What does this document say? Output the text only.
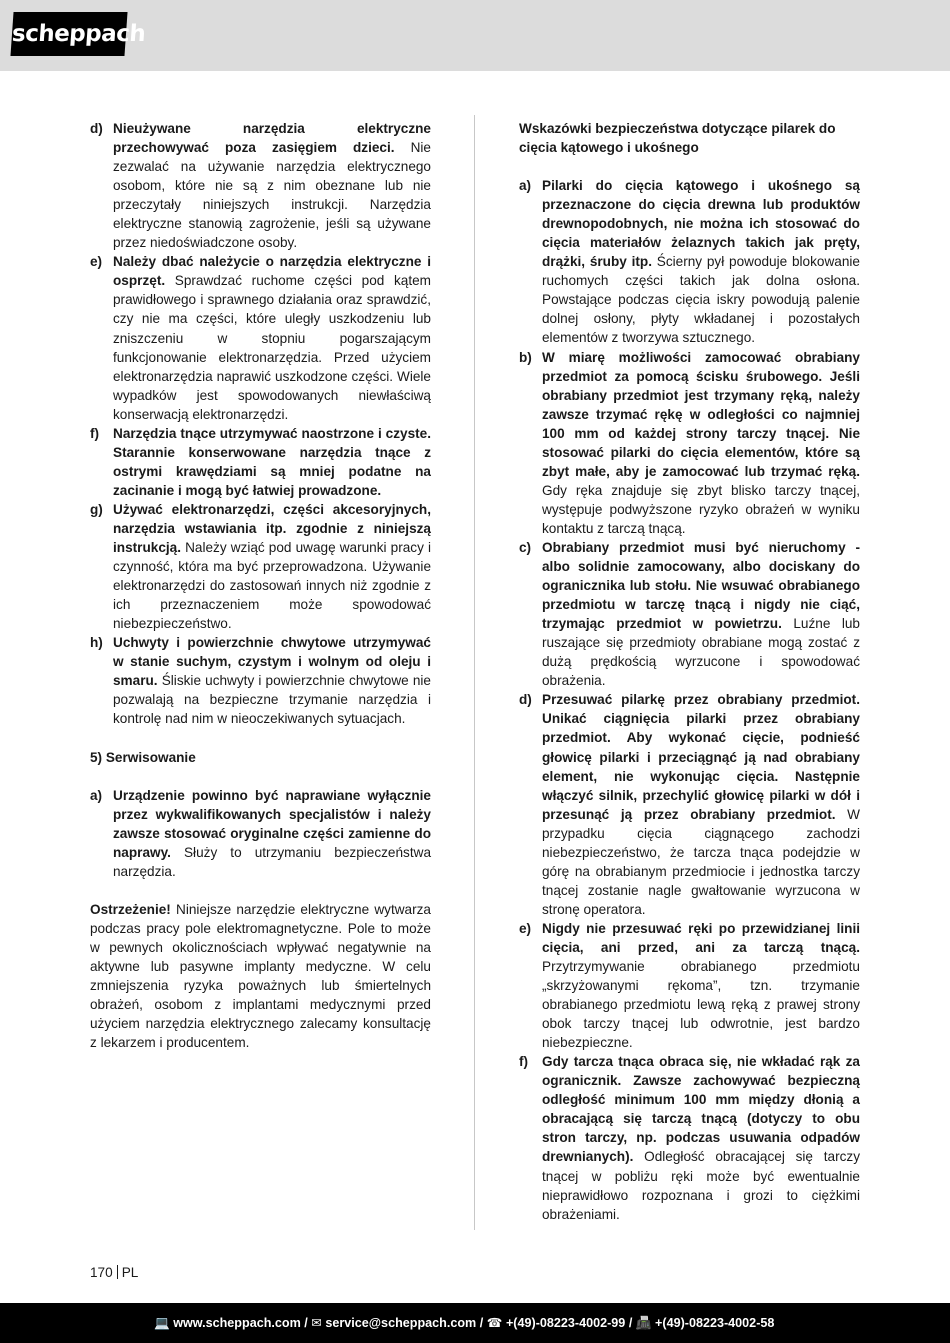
scheppach
d) Nieużywane narzędzia elektryczne przechowywać poza zasięgiem dzieci. Nie zezwalać na używanie narzędzia elektrycznego osobom, które nie są z nim obeznane lub nie przeczytały niniejszych instrukcji. Narzędzia elektryczne stanowią zagrożenie, jeśli są używane przez niedoświadczone osoby.
e) Należy dbać należycie o narzędzia elektryczne i osprzęt. Sprawdzać ruchome części pod kątem prawidłowego i sprawnego działania oraz sprawdzić, czy nie ma części, które uległy uszkodzeniu lub zniszczeniu w stopniu pogarszającym funkcjonowanie elektronarzędzia. Przed użyciem elektronarzędzia naprawić uszkodzone części. Wiele wypadków jest spowodowanych niewłaściwą konserwacją elektronarzędzi.
f)	Narzędzia tnące utrzymywać naostrzone i czyste. Starannie konserwowane narzędzia tnące z ostrymi krawędziami są mniej podatne na zacinanie i mogą być łatwiej prowadzone.
g) Używać elektronarzędzi, części akcesoryjnych, narzędzia wstawiania itp. zgodnie z niniejszą instrukcją. Należy wziąć pod uwagę warunki pracy i czynność, która ma być przeprowadzona. Używanie elektronarzędzi do zastosowań innych niż zgodnie z ich przeznaczeniem może spowodować niebezpieczeństwo.
h) Uchwyty i powierzchnie chwytowe utrzymywać w stanie suchym, czystym i wolnym od oleju i smaru. Śliskie uchwyty i powierzchnie chwytowe nie pozwalają na bezpieczne trzymanie narzędzia i kontrolę nad nim w nieoczekiwanych sytuacjach.
5) Serwisowanie
a) Urządzenie powinno być naprawiane wyłącznie przez wykwalifikowanych specjalistów i należy zawsze stosować oryginalne części zamienne do naprawy. Służy to utrzymaniu bezpieczeństwa narzędzia.
Ostrzeżenie! Niniejsze narzędzie elektryczne wytwarza podczas pracy pole elektromagnetyczne. Pole to może w pewnych okolicznościach wpływać negatywnie na aktywne lub pasywne implanty medyczne. W celu zmniejszenia ryzyka poważnych lub śmiertelnych obrażeń, osobom z implantami medycznymi przed użyciem narzędzia elektrycznego zalecamy konsultację z lekarzem i producentem.
Wskazówki bezpieczeństwa dotyczące pilarek do cięcia kątowego i ukośnego
a) Pilarki do cięcia kątowego i ukośnego są przeznaczone do cięcia drewna lub produktów drewnopodobnych, nie można ich stosować do cięcia materiałów żelaznych takich jak pręty, drążki, śruby itp. Ścierny pył powoduje blokowanie ruchomych części takich jak dolna osłona. Powstające podczas cięcia iskry powodują palenie dolnej osłony, płyty wkładanej i pozostałych elementów z tworzywa sztucznego.
b) W miarę możliwości zamocować obrabiany przedmiot za pomocą ścisku śrubowego. Jeśli obrabiany przedmiot jest trzymany ręką, należy zawsze trzymać rękę w odległości co najmniej 100 mm od każdej strony tarczy tnącej. Nie stosować pilarki do cięcia elementów, które są zbyt małe, aby je zamocować lub trzymać ręką. Gdy ręka znajduje się zbyt blisko tarczy tnącej, występuje podwyższone ryzyko obrażeń w wyniku kontaktu z tarczą tnącą.
c) Obrabiany przedmiot musi być nieruchomy - albo solidnie zamocowany, albo dociskany do ogranicznika lub stołu. Nie wsuwać obrabianego przedmiotu w tarczę tnącą i nigdy nie ciąć, trzymając przedmiot w powietrzu. Luźne lub ruszające się przedmioty obrabiane mogą zostać z dużą prędkością wyrzucone i spowodować obrażenia.
d) Przesuwać pilarkę przez obrabiany przedmiot. Unikać ciągnięcia pilarki przez obrabiany przedmiot. Aby wykonać cięcie, podnieść głowicę pilarki i przeciągnąć ją nad obrabiany element, nie wykonując cięcia. Następnie włączyć silnik, przechylić głowicę pilarki w dół i przesunąć ją przez obrabiany przedmiot. W przypadku cięcia ciągnącego zachodzi niebezpieczeństwo, że tarcza tnąca podejdzie w górę na obrabianym przedmiocie i jednostka tarczy tnącej zostanie nagle gwałtowanie wyrzucona w stronę operatora.
e) Nigdy nie przesuwać ręki po przewidzianej linii cięcia, ani przed, ani za tarczą tnącą. Przytrzymywanie obrabianego przedmiotu „skrzyżowanymi rękoma”, tzn. trzymanie obrabianego przedmiotu lewą ręką z prawej strony obok tarczy tnącej lub odwrotnie, jest bardzo niebezpieczne.
f)	Gdy tarcza tnąca obraca się, nie wkładać rąk za ogranicznik. Zawsze zachowywać bezpieczną odległość minimum 100 mm między dłonią a obracającą się tarczą tnącą (dotyczy to obu stron tarczy, np. podczas usuwania odpadów drewnianych). Odległość obracającej się tarczy tnącej w pobliżu ręki może być ewentualnie nieprawidłowo rozpoznana i grozi to ciężkimi obrażeniami.
170 PL
💻 www.scheppach.com / ✉ service@scheppach.com / ☎ +(49)-08223-4002-99 / 📠 +(49)-08223-4002-58
